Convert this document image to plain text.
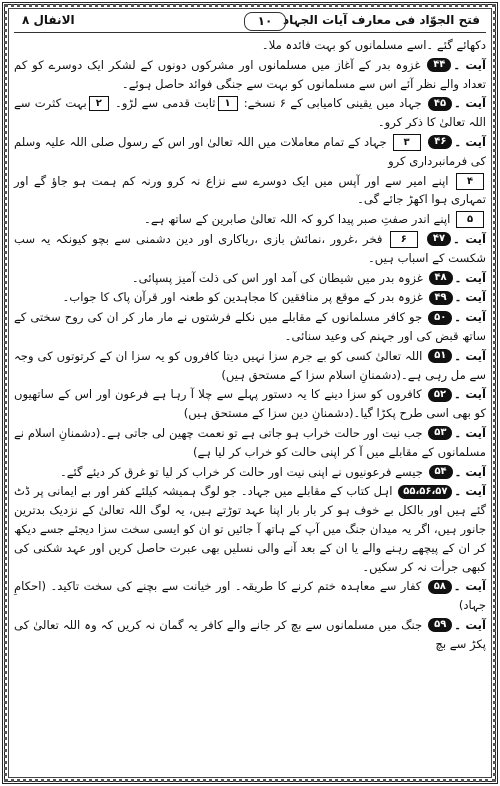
فتح الجوّاد فی معارف آیات الجہاد
۱۰
الانفال ۸

دکھائے گئے ۔اسے مسلمانوں کو بہت فائدہ ملا۔

آیت ۔۴۴ غزوہ بدر کے آغاز میں مسلمانوں اور مشرکوں دونوں کے لشکر ایک دوسرے کو کم تعداد والے نظر آئے اس سے مسلمانوں کو بہت سے جنگی فوائد حاصل ہوئے۔

آیت ۔۴۵ جہاد میں یقینی کامیابی کے ۶ نسخے: ۱ثابت قدمی سے لڑو۔ ۲بہت کثرت سے اللہ تعالیٰ کا ذکر کرو۔

آیت ۔۴۶ ۳ جہاد کے تمام معاملات میں اللہ تعالیٰ اور اس کے رسول صلی اللہ علیہ وسلم کی فرمانبرداری کرو

۴ اپنے امیر سے اور آپس میں ایک دوسرے سے نزاع نہ کرو ورنہ کم ہمت ہو جاؤ گے اور تمہاری ہوا اکھڑ جائے گی۔

۵ اپنے اندر صفتِ صبر پیدا کرو کہ اللہ تعالیٰ صابرین کے ساتھ ہے۔

آیت ۔۴۷ ۶ فخر ،غرور ،نمائش بازی ،ریاکاری اور دین دشمنی سے بچو کیونکہ یہ سب شکست کے اسباب ہیں۔

آیت ۔۴۸ غزوہ بدر میں شیطان کی آمد اور اس کی ذلت آمیز پسپائی۔

آیت ۔۴۹ غزوہ بدر کے موقع پر منافقین کا مجاہدین کو طعنہ اور قرآن پاک کا جواب۔

آیت ۔۵۰ جو کافر مسلمانوں کے مقابلے میں نکلے فرشتوں نے مار مار کر ان کی روح سختی کے ساتھ قبض کی اور جہنم کی وعید سنائی۔

آیت ۔۵۱ اللہ تعالیٰ کسی کو بے جرم سزا نہیں دیتا کافروں کو یہ سزا ان کے کرتوتوں کی وجہ سے مل رہی ہے۔(دشمنانِ اسلام سزا کے مستحق ہیں)

آیت ۔۵۲ کافروں کو سزا دینے کا یہ دستور پہلے سے چلا آ رہا ہے فرعون اور اس کے ساتھیوں کو بھی اسی طرح پکڑا گیا۔(دشمنانِ دین سزا کے مستحق ہیں)

آیت ۔۵۳ جب نیت اور حالت خراب ہو جاتی ہے تو نعمت چھین لی جاتی ہے۔(دشمنانِ اسلام نے مسلمانوں کے مقابلے میں آ کر اپنی حالت کو خراب کر لیا ہے)

آیت ۔۵۴ جیسے فرعونیوں نے اپنی نیت اور حالت کر خراب کر لیا تو غرق کر دیئے گئے۔

آیت ۔۵۵،۵۶،۵۷ اہل کتاب کے مقابلے میں جہاد۔ جو لوگ ہمیشہ کیلئے کفر اور بے ایمانی پر ڈٹ گئے ہیں اور بالکل بے خوف ہو کر بار بار اپنا عہد توڑتے ہیں، یہ لوگ اللہ تعالیٰ کے نزدیک بدترین جانور ہیں، اگر یہ میدان جنگ میں آپ کے ہاتھ آ جائیں تو ان کو ایسی سخت سزا دیجئے جسے دیکھ کر ان کے پیچھے رہنے والے یا ان کے بعد آنے والی نسلیں بھی عبرت حاصل کریں اور عہد شکنی کی کبھی جرأت نہ کر سکیں۔

آیت ۔۵۸ کفار سے معاہدہ ختم کرنے کا طریقہ۔ اور خیانت سے بچنے کی سخت تاکید۔ (احکامِ جہاد)

آیت ۔۵۹ جنگ میں مسلمانوں سے بچ کر جانے والے کافر یہ گمان نہ کریں کہ وہ اللہ تعالیٰ کی پکڑ سے بچ
